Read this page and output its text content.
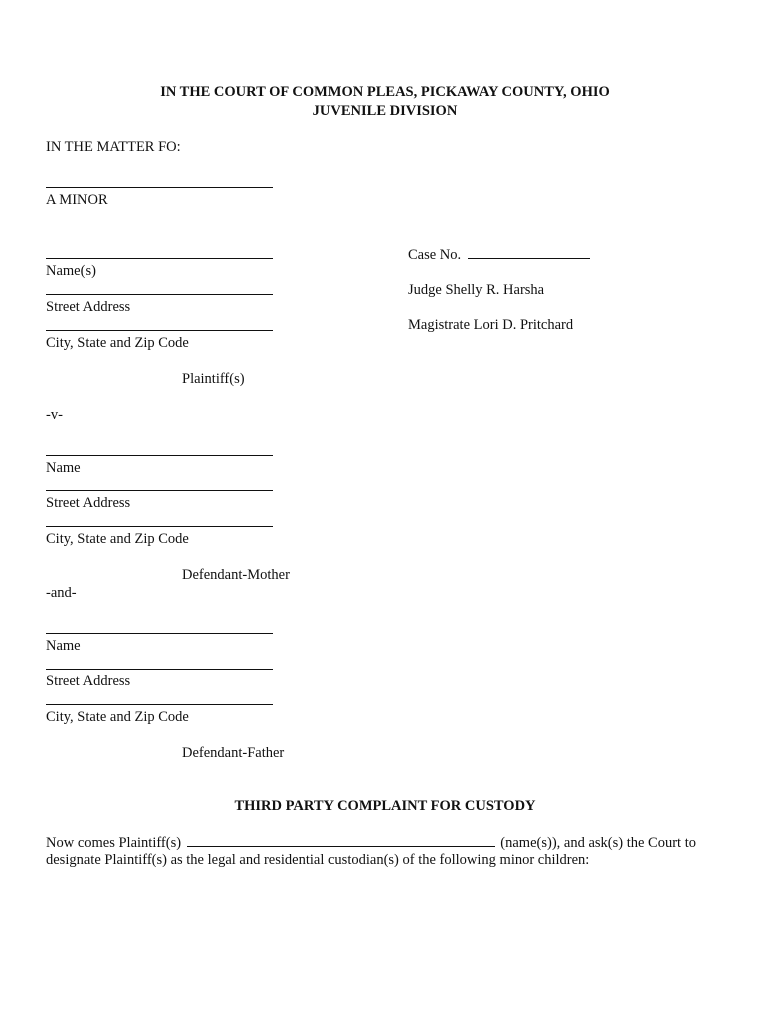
IN THE COURT OF COMMON PLEAS, PICKAWAY COUNTY, OHIO
JUVENILE DIVISION
IN THE MATTER FO:
A MINOR
Name(s)
Street Address
City, State and Zip Code
Plaintiff(s)
Case No.
Judge Shelly R. Harsha
Magistrate Lori D. Pritchard
-v-
Name
Street Address
City, State and Zip Code
Defendant-Mother
-and-
Name
Street Address
City, State and Zip Code
Defendant-Father
THIRD PARTY COMPLAINT FOR CUSTODY
Now comes Plaintiff(s)	(name(s)), and ask(s) the Court to
designate Plaintiff(s) as the legal and residential custodian(s) of the following minor children:
